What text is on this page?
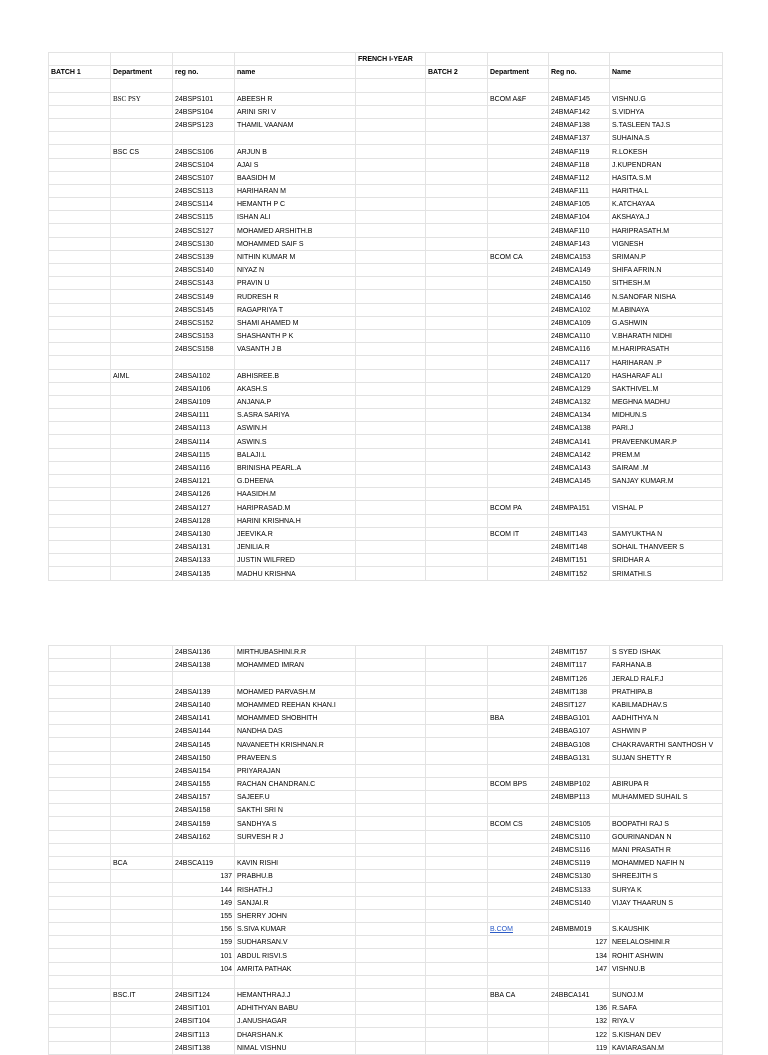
				FRENCH I-YEAR				
BATCH 1	Department	reg no.	name		BATCH 2	Department	Reg no.	Name

	BSC PSY	24BSPS101	ABEESH R			BCOM A&F	24BMAF145	VISHNU.G
		24BSPS104	ARINI SRI V				24BMAF142	S.VIDHYA
		24BSPS123	THAMIL VAANAM				24BMAF138	S.TASLEEN TAJ.S
							24BMAF137	SUHAINA.S
	BSC CS	24BSCS106	ARJUN B				24BMAF119	R.LOKESH
		24BSCS104	AJAI S				24BMAF118	J.KUPENDRAN
		24BSCS107	BAASIDH M				24BMAF112	HASITA.S.M
		24BSCS113	HARIHARAN M				24BMAF111	HARITHA.L
		24BSCS114	HEMANTH P C				24BMAF105	K.ATCHAYAA
		24BSCS115	ISHAN ALI				24BMAF104	AKSHAYA.J
		24BSCS127	MOHAMED ARSHITH.B				24BMAF110	HARIPRASATH.M
		24BSCS130	MOHAMMED SAIF S				24BMAF143	VIGNESH
		24BSCS139	NITHIN KUMAR M			BCOM CA	24BMCA153	SRIMAN.P
		24BSCS140	NIYAZ N				24BMCA149	SHIFA AFRIN.N
		24BSCS143	PRAVIN U				24BMCA150	SITHESH.M
		24BSCS149	RUDRESH R				24BMCA146	N.SANOFAR NISHA
		24BSCS145	RAGAPRIYA T				24BMCA102	M.ABINAYA
		24BSCS152	SHAMI AHAMED M				24BMCA109	G.ASHWIN
		24BSCS153	SHASHANTH P K				24BMCA110	V.BHARATH NIDHI
		24BSCS158	VASANTH J B				24BMCA116	M.HARIPRASATH
							24BMCA117	HARIHARAN .P
	AIML	24BSAI102	ABHISREE.B				24BMCA120	HASHARAF ALI
		24BSAI106	AKASH.S				24BMCA129	SAKTHIVEL.M
		24BSAI109	ANJANA.P				24BMCA132	MEGHNA MADHU
		24BSAI111	S.ASRA SARIYA				24BMCA134	MIDHUN.S
		24BSAI113	ASWIN.H				24BMCA138	PARI.J
		24BSAI114	ASWIN.S				24BMCA141	PRAVEENKUMAR.P
		24BSAI115	BALAJI.L				24BMCA142	PREM.M
		24BSAI116	BRINISHA PEARL.A				24BMCA143	SAIRAM .M
		24BSAI121	G.DHEENA				24BMCA145	SANJAY KUMAR.M
		24BSAI126	HAASIDH.M					
		24BSAI127	HARIPRASAD.M			BCOM PA	24BMPA151	VISHAL P
		24BSAI128	HARINI KRISHNA.H					
		24BSAI130	JEEVIKA.R			BCOM IT	24BMIT143	SAMYUKTHA N
		24BSAI131	JENILIA.R				24BMIT148	SOHAIL THANVEER S
		24BSAI133	JUSTIN WILFRED				24BMIT151	SRIDHAR A
		24BSAI135	MADHU KRISHNA				24BMIT152	SRIMATHI.S
		24BSAI136	MIRTHUBASHINI.R.R				24BMIT157	S SYED ISHAK
		24BSAI138	MOHAMMED IMRAN				24BMIT117	FARHANA.B
							24BMIT126	JERALD RALF.J
		24BSAI139	MOHAMED PARVASH.M				24BMIT138	PRATHIPA.B
		24BSAI140	MOHAMMED REEHAN KHAN.I				24BSIT127	KABILMADHAV.S
		24BSAI141	MOHAMMED SHOBHITH			BBA	24BBAG101	AADHITHYA N
		24BSAI144	NANDHA DAS				24BBAG107	ASHWIN P
		24BSAI145	NAVANEETH KRISHNAN.R				24BBAG108	CHAKRAVARTHI SANTHOSH V
		24BSAI150	PRAVEEN.S				24BBAG131	SUJAN SHETTY R
		24BSAI154	PRIYARAJAN					
		24BSAI155	RACHAN CHANDRAN.C			BCOM BPS	24BMBP102	ABIRUPA R
		24BSAI157	SAJEEF.U				24BMBP113	MUHAMMED SUHAIL S
		24BSAI158	SAKTHI SRI N					
		24BSAI159	SANDHYA S			BCOM CS	24BMCS105	BOOPATHI RAJ S
		24BSAI162	SURVESH R J				24BMCS110	GOURINANDAN N
							24BMCS116	MANI PRASATH R
	BCA	24BSCA119	KAVIN RISHI				24BMCS119	MOHAMMED NAFIH N
		137	PRABHU.B				24BMCS130	SHREEJITH S
		144	RISHATH.J				24BMCS133	SURYA K
		149	SANJAI.R				24BMCS140	VIJAY THAARUN S
		155	SHERRY JOHN					
		156	S.SIVA KUMAR			B.COM	24BMBM019	S.KAUSHIK
		159	SUDHARSAN.V				127	NEELALOSHINI.R
		101	ABDUL RISVI.S				134	ROHIT ASHWIN
		104	AMRITA PATHAK				147	VISHNU.B

	BSC.IT	24BSIT124	HEMANTHRAJ.J			BBA CA	24BBCA141	SUNOJ.M
		24BSIT101	ADHITHYAN BABU				136	R.SAFA
		24BSIT104	J.ANUSHAGAR				132	RIYA.V
		24BSIT113	DHARSHAN.K				122	S.KISHAN DEV
		24BSIT138	NIMAL VISHNU				119	KAVIARASAN.M
